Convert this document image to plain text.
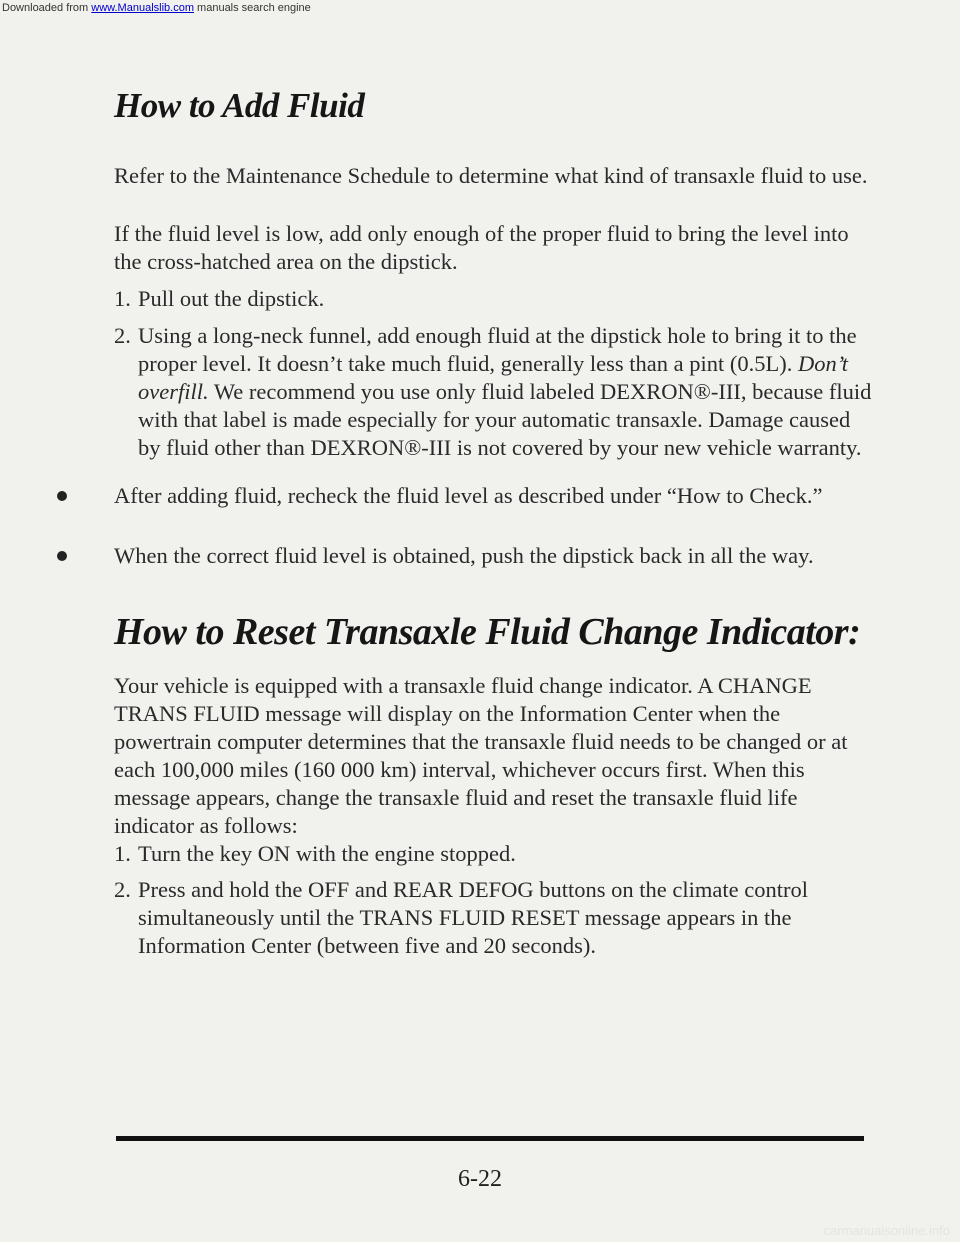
Downloaded from www.Manualslib.com manuals search engine
How to Add Fluid

Refer to the Maintenance Schedule to determine what kind of transaxle fluid to use.

If the fluid level is low, add only enough of the proper fluid to bring the level into the cross-hatched area on the dipstick.

1. Pull out the dipstick.
2. Using a long-neck funnel, add enough fluid at the dipstick hole to bring it to the proper level. It doesn’t take much fluid, generally less than a pint (0.5L). Don’t overfill. We recommend you use only fluid labeled DEXRON®-III, because fluid with that label is made especially for your automatic transaxle. Damage caused by fluid other than DEXRON®-III is not covered by your new vehicle warranty.
After adding fluid, recheck the fluid level as described under “How to Check.”
When the correct fluid level is obtained, push the dipstick back in all the way.
How to Reset Transaxle Fluid Change Indicator:

Your vehicle is equipped with a transaxle fluid change indicator. A CHANGE TRANS FLUID message will display on the Information Center when the powertrain computer determines that the transaxle fluid needs to be changed or at each 100,000 miles (160 000 km) interval, whichever occurs first. When this message appears, change the transaxle fluid and reset the transaxle fluid life indicator as follows:

1. Turn the key ON with the engine stopped.
2. Press and hold the OFF and REAR DEFOG buttons on the climate control simultaneously until the TRANS FLUID RESET message appears in the Information Center (between five and 20 seconds).
6-22
carmanualsonline.info
